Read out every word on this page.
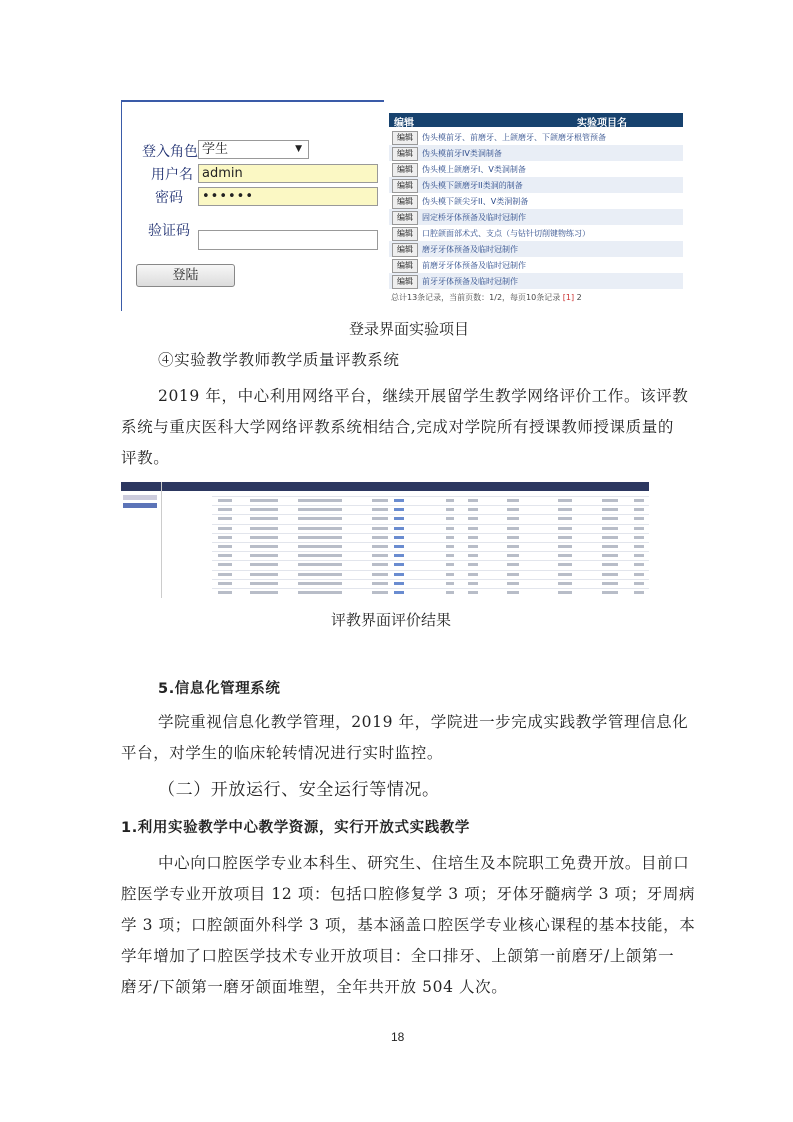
登入角色 学生	▼
用户名 admin
密码	••••••
验证码
登陆
编辑	实验项目名
编辑	伪头模前牙、前磨牙、上颌磨牙、下颌磨牙根管预备
编辑	伪头模前牙IV类洞制备
编辑	伪头模上颌磨牙I、V类洞制备
编辑	伪头模下颌磨牙II类洞的制备
编辑	伪头模下颌尖牙II、V类洞制备
编辑	固定桥牙体预备及临时冠制作
编辑	口腔颌面部术式、支点（与钻针切削键物练习）
编辑	磨牙牙体预备及临时冠制作
编辑	前磨牙牙体预备及临时冠制作
编辑	前牙牙体预备及临时冠制作
总计13条记录，当前页数：1/2，每页10条记录 [1] 2
登录界面实验项目
④实验教学教师教学质量评教系统
2019 年，中心利用网络平台，继续开展留学生教学网络评价工作。该评教
系统与重庆医科大学网络评教系统相结合,完成对学院所有授课教师授课质量的
评教。
评教界面评价结果
5.信息化管理系统
学院重视信息化教学管理，2019 年，学院进一步完成实践教学管理信息化
平台，对学生的临床轮转情况进行实时监控。
（二）开放运行、安全运行等情况。
1.利用实验教学中心教学资源，实行开放式实践教学
中心向口腔医学专业本科生、研究生、住培生及本院职工免费开放。目前口
腔医学专业开放项目 12 项：包括口腔修复学 3 项；牙体牙髓病学 3 项；牙周病
学 3 项；口腔颌面外科学 3 项，基本涵盖口腔医学专业核心课程的基本技能，本
学年增加了口腔医学技术专业开放项目：全口排牙、上颌第一前磨牙/上颌第一
磨牙/下颌第一磨牙颌面堆塑，全年共开放 504 人次。
18
